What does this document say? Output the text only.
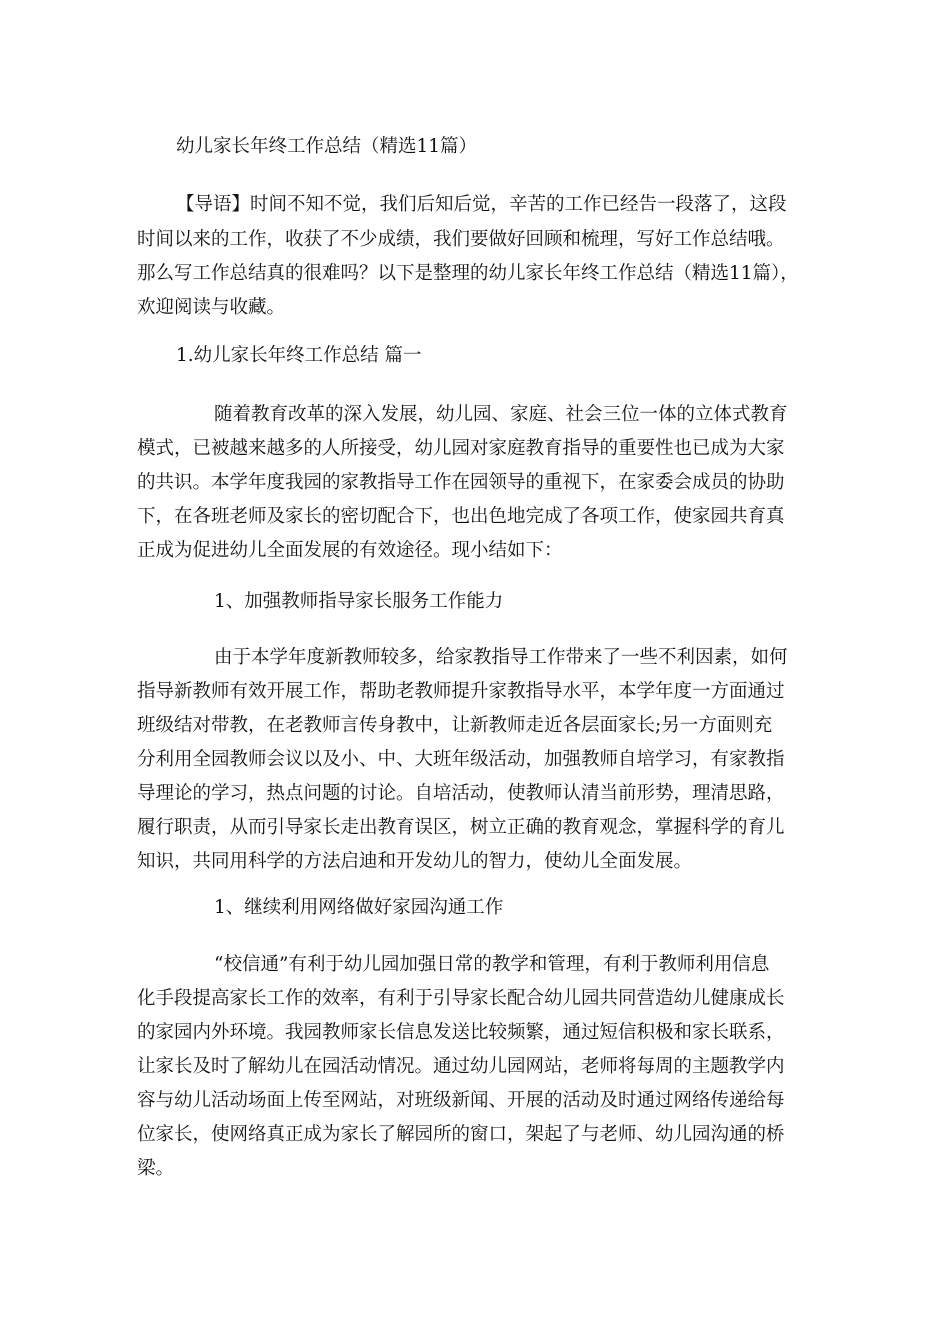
幼儿家长年终工作总结（精选11篇）
【导语】时间不知不觉，我们后知后觉，辛苦的工作已经告一段落了，这段
时间以来的工作，收获了不少成绩，我们要做好回顾和梳理，写好工作总结哦。
那么写工作总结真的很难吗？以下是整理的幼儿家长年终工作总结（精选11篇），
欢迎阅读与收藏。
1.幼儿家长年终工作总结 篇一
随着教育改革的深入发展，幼儿园、家庭、社会三位一体的立体式教育
模式，已被越来越多的人所接受，幼儿园对家庭教育指导的重要性也已成为大家
的共识。本学年度我园的家教指导工作在园领导的重视下，在家委会成员的协助
下，在各班老师及家长的密切配合下，也出色地完成了各项工作，使家园共育真
正成为促进幼儿全面发展的有效途径。现小结如下：
1、加强教师指导家长服务工作能力
由于本学年度新教师较多，给家教指导工作带来了一些不利因素，如何
指导新教师有效开展工作，帮助老教师提升家教指导水平，本学年度一方面通过
班级结对带教，在老教师言传身教中，让新教师走近各层面家长;另一方面则充
分利用全园教师会议以及小、中、大班年级活动，加强教师自培学习，有家教指
导理论的学习，热点问题的讨论。自培活动，使教师认清当前形势，理清思路，
履行职责，从而引导家长走出教育误区，树立正确的教育观念，掌握科学的育儿
知识，共同用科学的方法启迪和开发幼儿的智力，使幼儿全面发展。
1、继续利用网络做好家园沟通工作
“校信通”有利于幼儿园加强日常的教学和管理，有利于教师利用信息
化手段提高家长工作的效率，有利于引导家长配合幼儿园共同营造幼儿健康成长
的家园内外环境。我园教师家长信息发送比较频繁，通过短信积极和家长联系，
让家长及时了解幼儿在园活动情况。通过幼儿园网站，老师将每周的主题教学内
容与幼儿活动场面上传至网站，对班级新闻、开展的活动及时通过网络传递给每
位家长，使网络真正成为家长了解园所的窗口，架起了与老师、幼儿园沟通的桥
梁。
